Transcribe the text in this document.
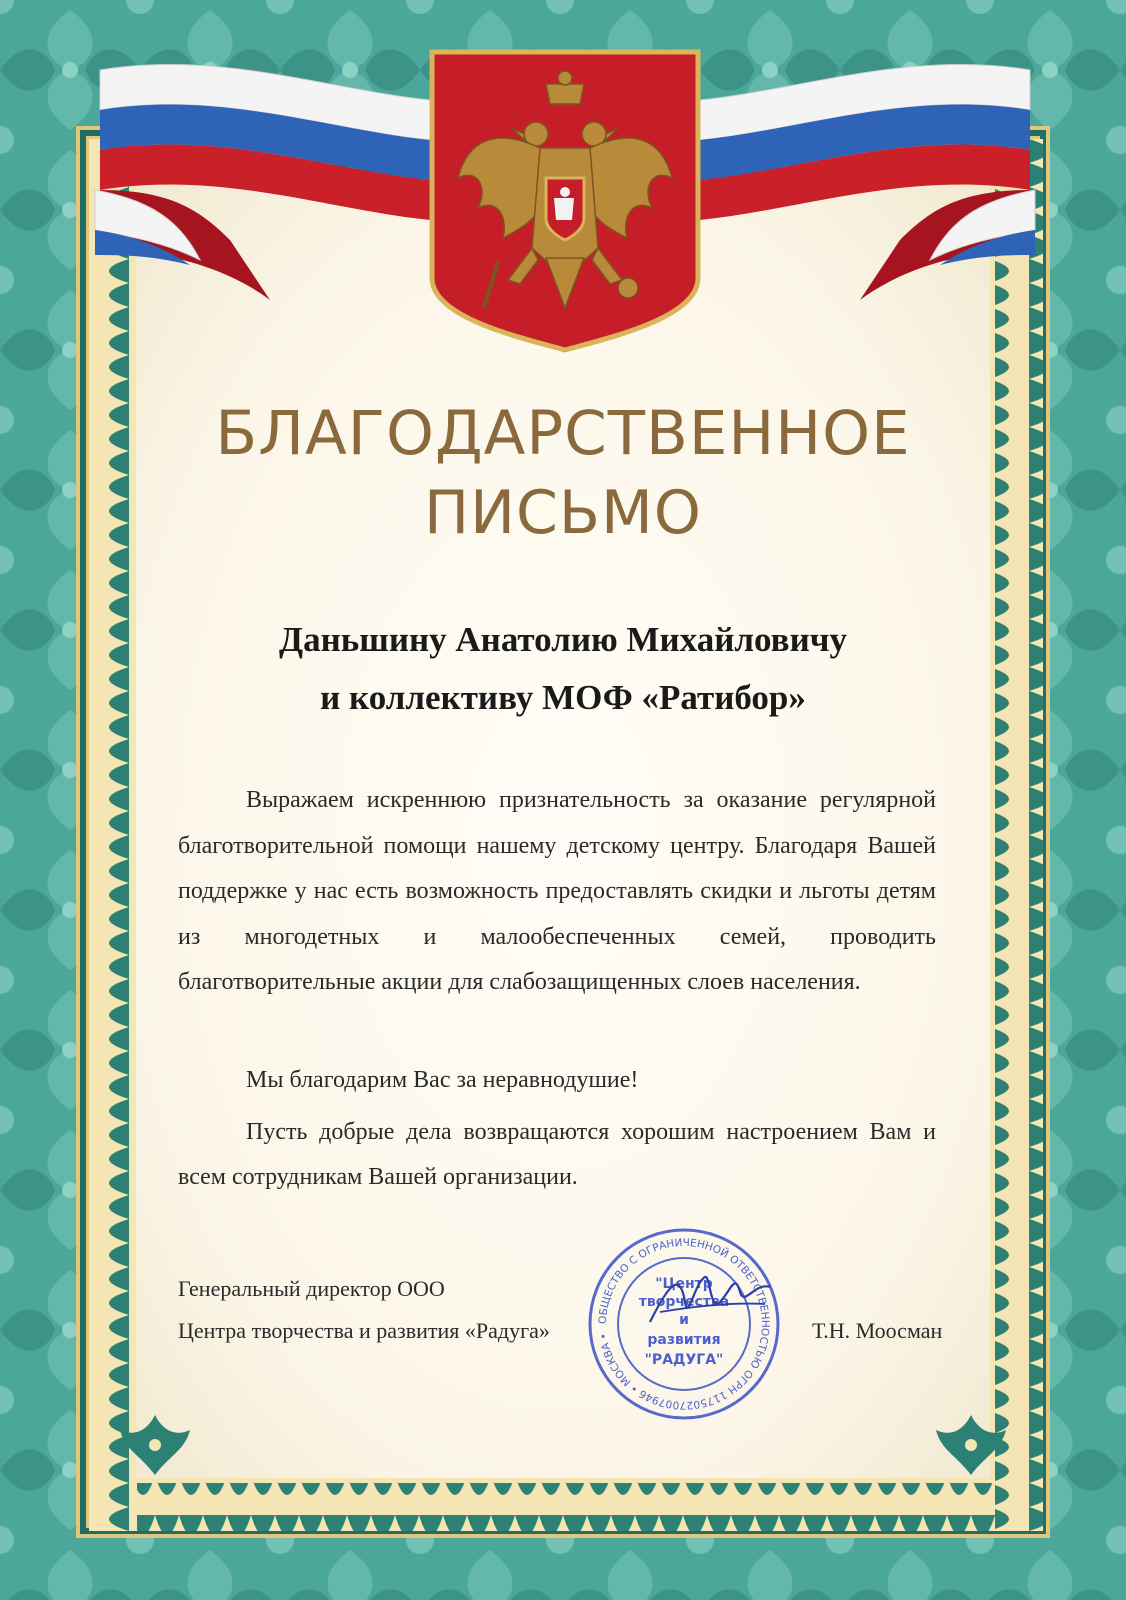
БЛАГОДАРСТВЕННОЕ
ПИСЬМО
Даньшину Анатолию Михайловичу
и коллективу МОФ «Ратибор»

Выражаем искреннюю признательность за оказание регулярной благотворительной помощи нашему детскому центру. Благодаря Вашей поддержке у нас есть возможность предоставлять скидки и льготы детям из многодетных и малообеспеченных семей, проводить благотворительные акции для слабозащищенных слоев населения.

Мы благодарим Вас за неравнодушие!

Пусть добрые дела возвращаются хорошим настроением Вам и всем сотрудникам Вашей организации.

Генеральный директор ООО
Центра творчества и развития «Радуга»	Т.Н. Моосман
ОБЩЕСТВО С ОГРАНИЧЕННОЙ ОТВЕТСТВЕННОСТЬЮ ОГРН 1175027007946 • МОСКВА •
"Центр
творчества
и
развития
"РАДУГА"
